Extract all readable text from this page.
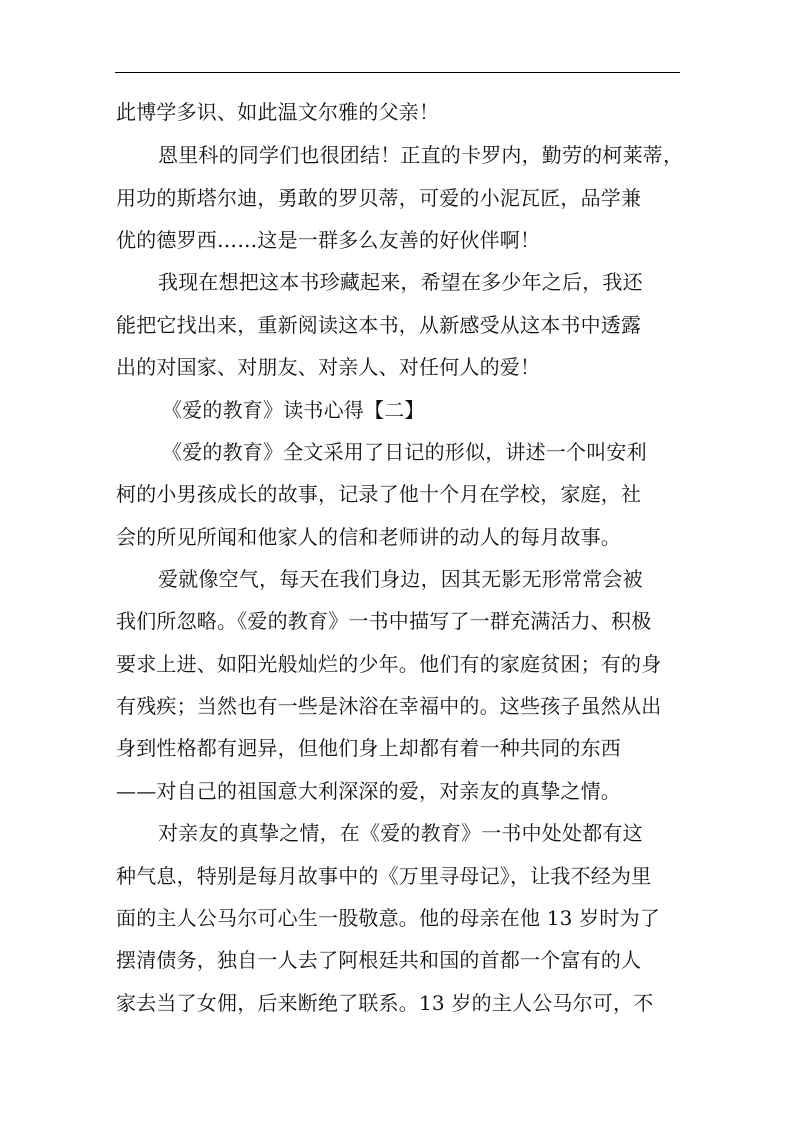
此博学多识、如此温文尔雅的父亲！
恩里科的同学们也很团结！正直的卡罗内，勤劳的柯莱蒂，
用功的斯塔尔迪，勇敢的罗贝蒂，可爱的小泥瓦匠，品学兼
优的德罗西……这是一群多么友善的好伙伴啊！
我现在想把这本书珍藏起来，希望在多少年之后，我还
能把它找出来，重新阅读这本书，从新感受从这本书中透露
出的对国家、对朋友、对亲人、对任何人的爱！
《爱的教育》读书心得【二】
《爱的教育》全文采用了日记的形似，讲述一个叫安利
柯的小男孩成长的故事，记录了他十个月在学校，家庭，社
会的所见所闻和他家人的信和老师讲的动人的每月故事。
爱就像空气，每天在我们身边，因其无影无形常常会被
我们所忽略。《爱的教育》一书中描写了一群充满活力、积极
要求上进、如阳光般灿烂的少年。他们有的家庭贫困；有的身
有残疾；当然也有一些是沐浴在幸福中的。这些孩子虽然从出
身到性格都有迥异，但他们身上却都有着一种共同的东西
——对自己的祖国意大利深深的爱，对亲友的真挚之情。
对亲友的真挚之情，在《爱的教育》一书中处处都有这
种气息，特别是每月故事中的《万里寻母记》，让我不经为里
面的主人公马尔可心生一股敬意。他的母亲在他 13 岁时为了
摆清债务，独自一人去了阿根廷共和国的首都一个富有的人
家去当了女佣，后来断绝了联系。13 岁的主人公马尔可，不
